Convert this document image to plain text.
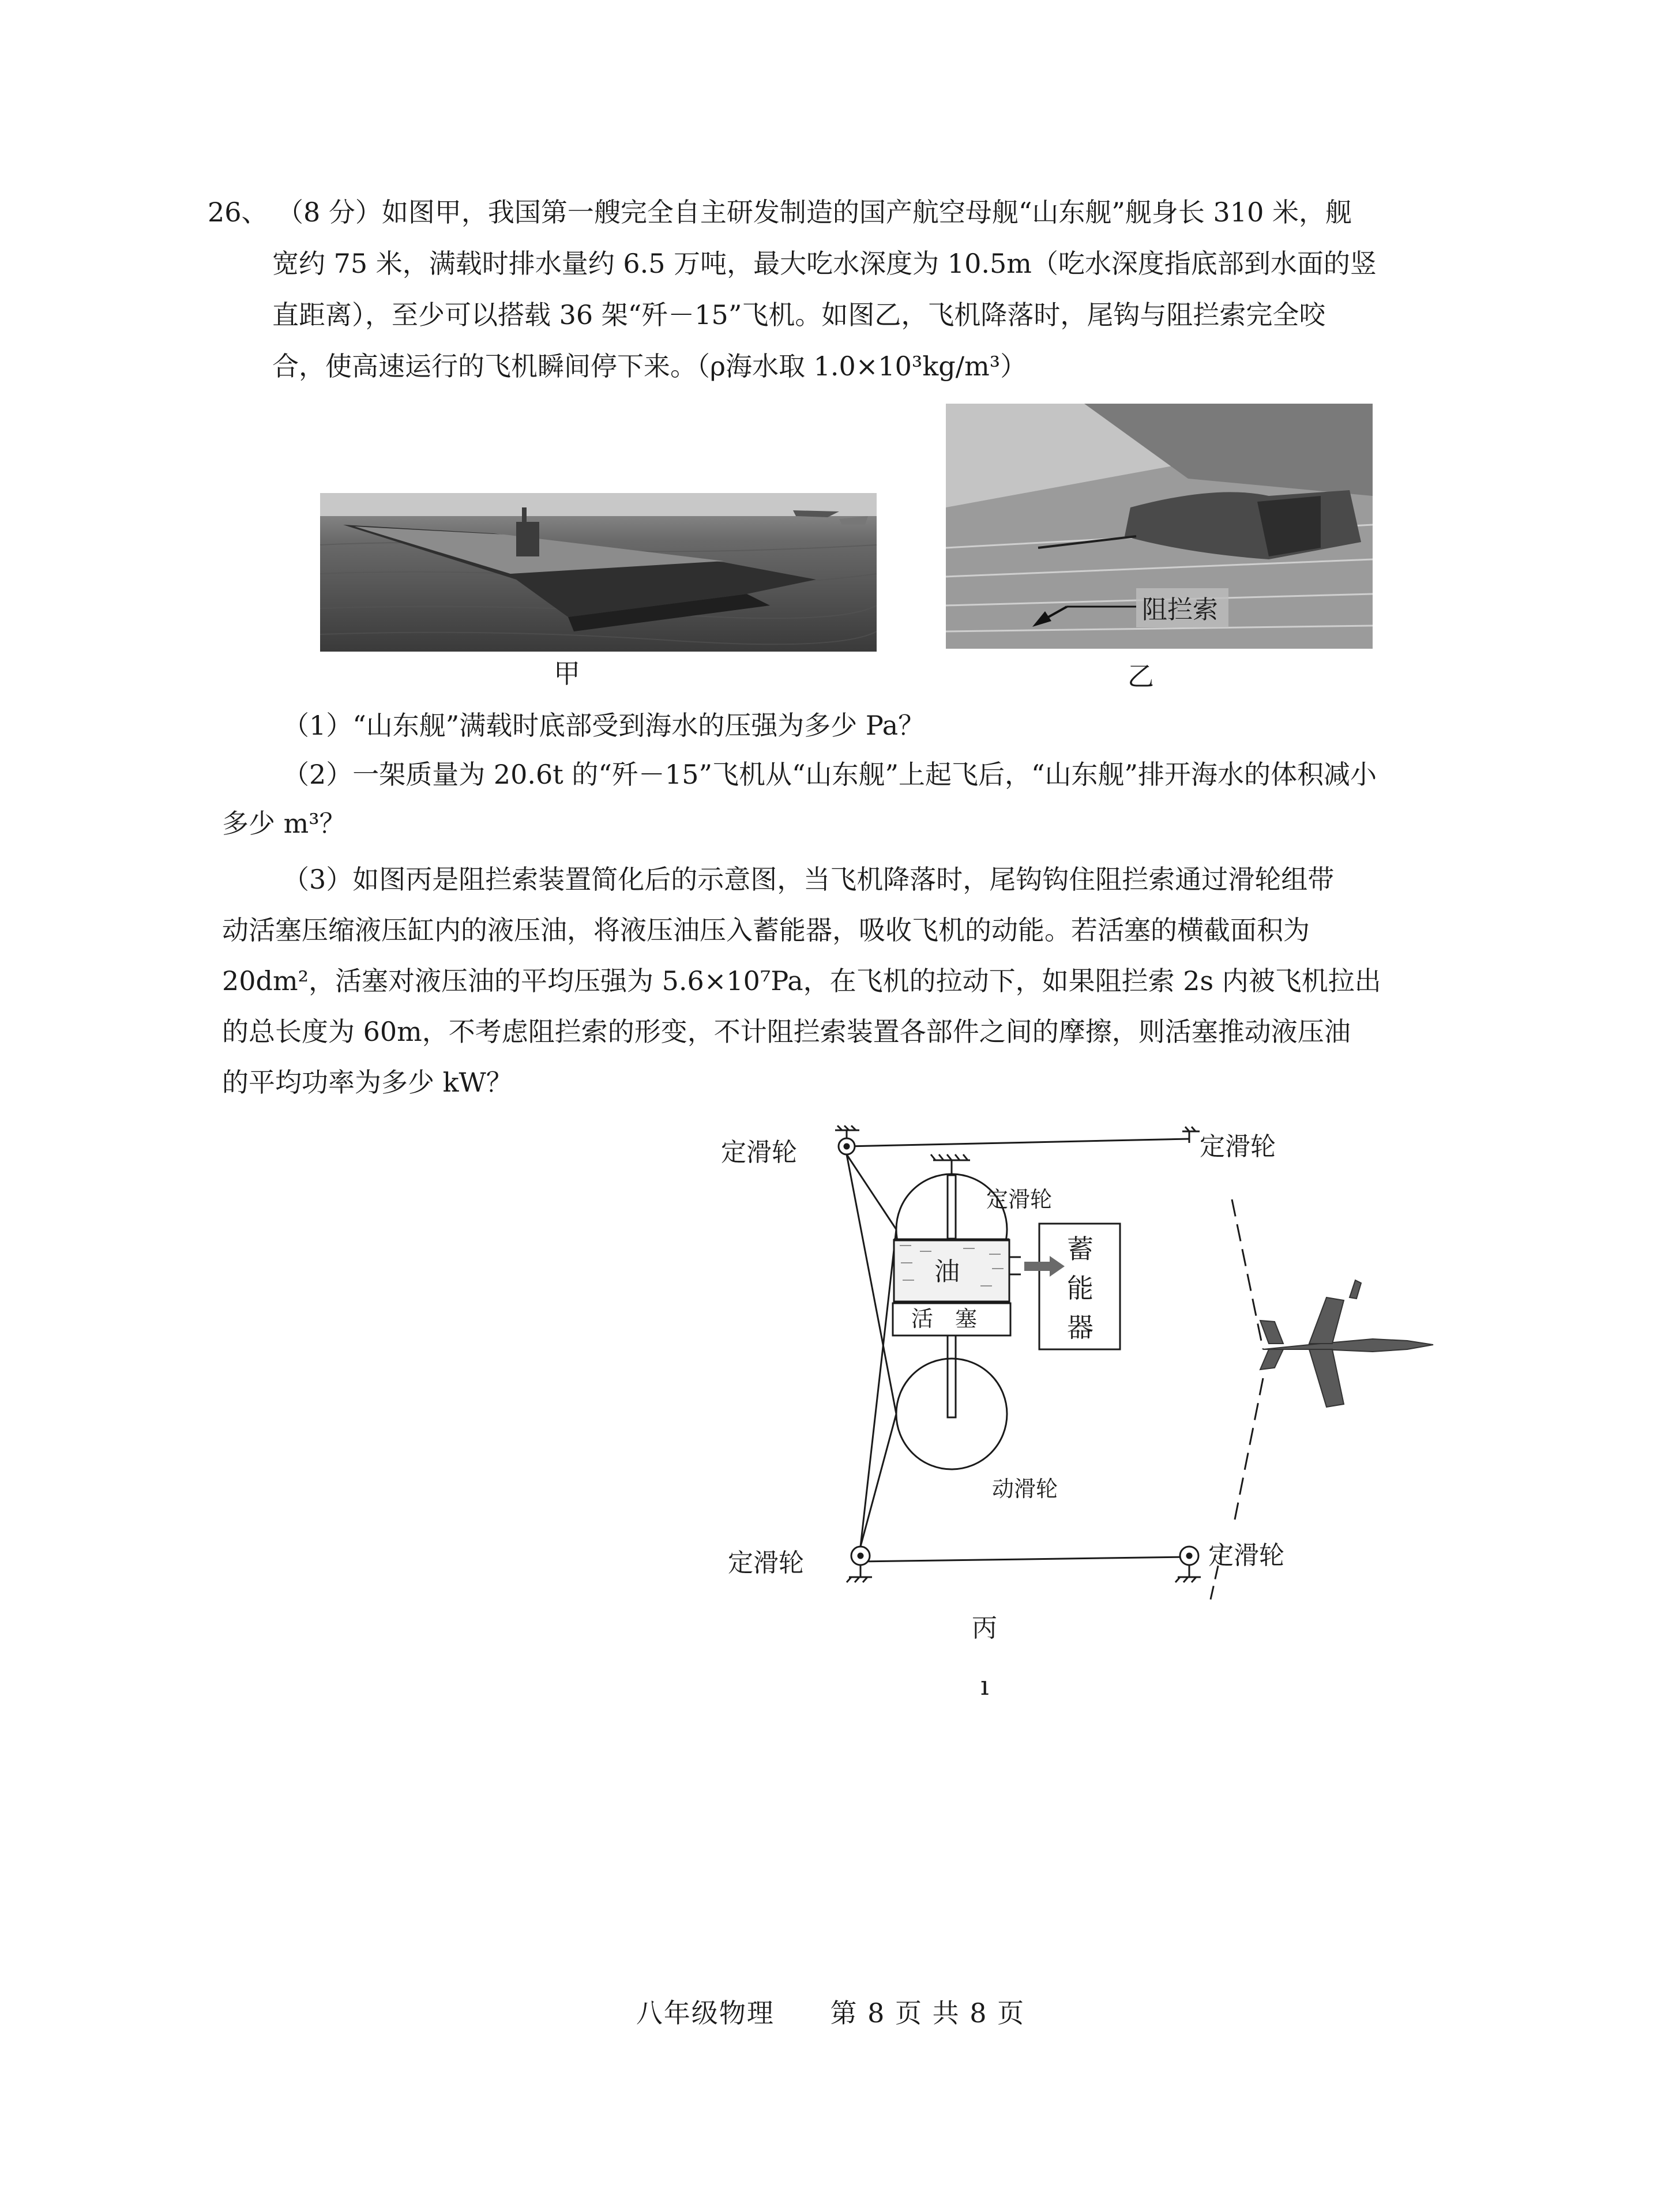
26、 （8 分）如图甲，我国第一艘完全自主研发制造的国产航空母舰“山东舰”舰身长 310 米，舰
宽约 75 米，满载时排水量约 6.5 万吨，最大吃水深度为 10.5m（吃水深度指底部到水面的竖
直距离），至少可以搭载 36 架“歼－15”飞机。如图乙，飞机降落时，尾钩与阻拦索完全咬
合，使高速运行的飞机瞬间停下来。（ρ海水取 1.0×10³kg/m³）
甲
阻拦索
乙
（1）“山东舰”满载时底部受到海水的压强为多少 Pa？
（2）一架质量为 20.6t 的“歼－15”飞机从“山东舰”上起飞后，“山东舰”排开海水的体积减小
多少 m³？
（3）如图丙是阻拦索装置简化后的示意图，当飞机降落时，尾钩钩住阻拦索通过滑轮组带
动活塞压缩液压缸内的液压油，将液压油压入蓄能器，吸收飞机的动能。若活塞的横截面积为
20dm²，活塞对液压油的平均压强为 5.6×10⁷Pa，在飞机的拉动下，如果阻拦索 2s 内被飞机拉出
的总长度为 60m，不考虑阻拦索的形变，不计阻拦索装置各部件之间的摩擦，则活塞推动液压油
的平均功率为多少 kW？
定滑轮	定滑轮
定滑轮
油
活　塞
蓄
能
器
动滑轮
定滑轮	定滑轮
丙
ı
八年级物理 第 8 页 共 8 页
